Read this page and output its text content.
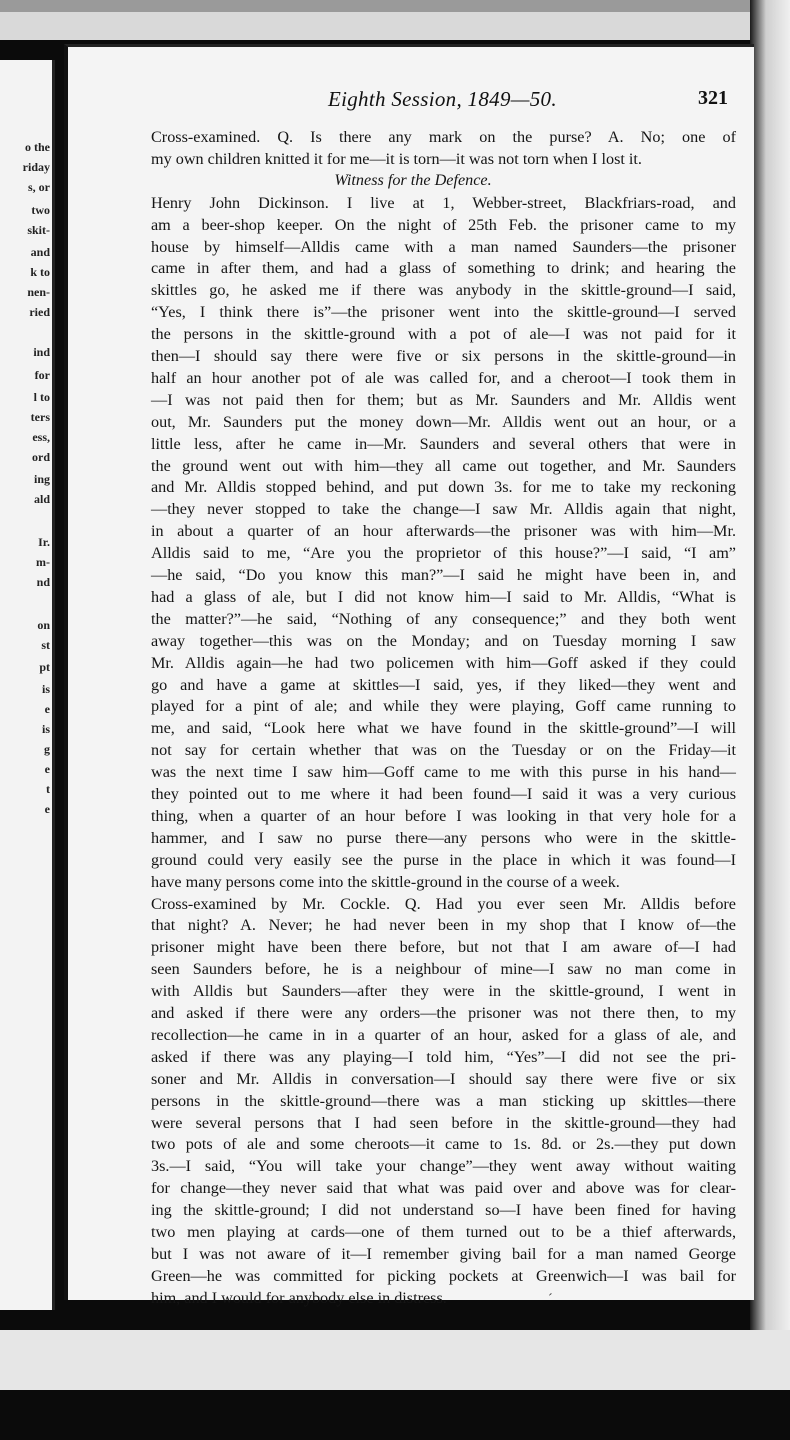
o the
riday
s, or
two
skit-
and
k to
nen-
ried
ind
for
l to
ters
ess,
ord
ing
ald
Ir.
m-
nd
on
st
pt
is
e
is
g
e
t
e
Eighth Session, 1849—50.	321
Cross-examined. Q. Is there any mark on the purse? A. No; one of
my own children knitted it for me—it is torn—it was not torn when I lost it.
Witness for the Defence.
Henry John Dickinson. I live at 1, Webber-street, Blackfriars-road, and
am a beer-shop keeper. On the night of 25th Feb. the prisoner came to my
house by himself—Alldis came with a man named Saunders—the prisoner
came in after them, and had a glass of something to drink; and hearing the
skittles go, he asked me if there was anybody in the skittle-ground—I said,
“Yes, I think there is”—the prisoner went into the skittle-ground—I served
the persons in the skittle-ground with a pot of ale—I was not paid for it
then—I should say there were five or six persons in the skittle-ground—in
half an hour another pot of ale was called for, and a cheroot—I took them in
—I was not paid then for them; but as Mr. Saunders and Mr. Alldis went
out, Mr. Saunders put the money down—Mr. Alldis went out an hour, or a
little less, after he came in—Mr. Saunders and several others that were in
the ground went out with him—they all came out together, and Mr. Saunders
and Mr. Alldis stopped behind, and put down 3s. for me to take my reckoning
—they never stopped to take the change—I saw Mr. Alldis again that night,
in about a quarter of an hour afterwards—the prisoner was with him—Mr.
Alldis said to me, “Are you the proprietor of this house?”—I said, “I am”
—he said, “Do you know this man?”—I said he might have been in, and
had a glass of ale, but I did not know him—I said to Mr. Alldis, “What is
the matter?”—he said, “Nothing of any consequence;” and they both went
away together—this was on the Monday; and on Tuesday morning I saw
Mr. Alldis again—he had two policemen with him—Goff asked if they could
go and have a game at skittles—I said, yes, if they liked—they went and
played for a pint of ale; and while they were playing, Goff came running to
me, and said, “Look here what we have found in the skittle-ground”—I will
not say for certain whether that was on the Tuesday or on the Friday—it
was the next time I saw him—Goff came to me with this purse in his hand—
they pointed out to me where it had been found—I said it was a very curious
thing, when a quarter of an hour before I was looking in that very hole for a
hammer, and I saw no purse there—any persons who were in the skittle-
ground could very easily see the purse in the place in which it was found—I
have many persons come into the skittle-ground in the course of a week.
Cross-examined by Mr. Cockle. Q. Had you ever seen Mr. Alldis before
that night? A. Never; he had never been in my shop that I know of—the
prisoner might have been there before, but not that I am aware of—I had
seen Saunders before, he is a neighbour of mine—I saw no man come in
with Alldis but Saunders—after they were in the skittle-ground, I went in
and asked if there were any orders—the prisoner was not there then, to my
recollection—he came in in a quarter of an hour, asked for a glass of ale, and
asked if there was any playing—I told him, “Yes”—I did not see the pri-
soner and Mr. Alldis in conversation—I should say there were five or six
persons in the skittle-ground—there was a man sticking up skittles—there
were several persons that I had seen before in the skittle-ground—they had
two pots of ale and some cheroots—it came to 1s. 8d. or 2s.—they put down
3s.—I said, “You will take your change”—they went away without waiting
for change—they never said that what was paid over and above was for clear-
ing the skittle-ground; I did not understand so—I have been fined for having
two men playing at cards—one of them turned out to be a thief afterwards,
but I was not aware of it—I remember giving bail for a man named George
Green—he was committed for picking pockets at Greenwich—I was bail for
him, and I would for anybody else in distress.	ˊ
